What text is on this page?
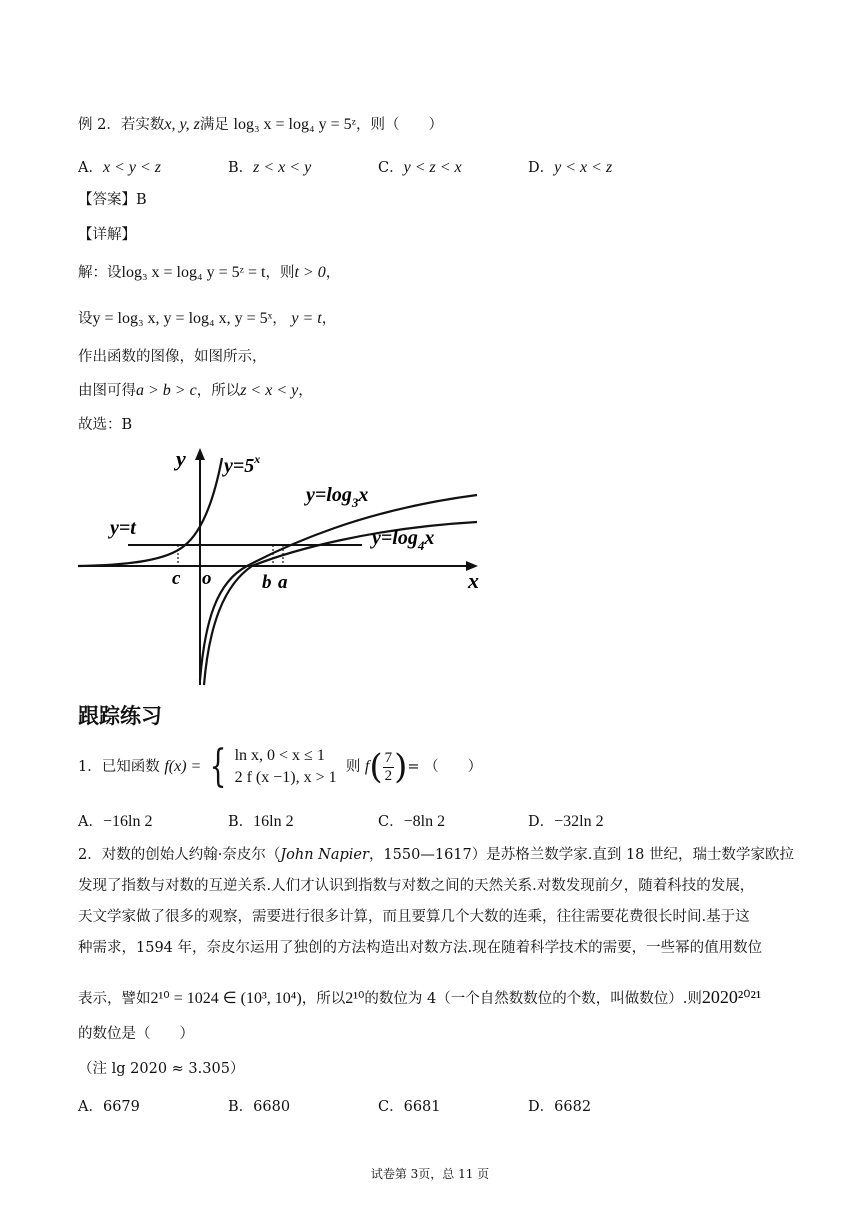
例 2．若实数x, y, z满足 log₃ x = log₄ y = 5ᶻ，则（　　）
A．x < y < z	B．z < x < y	C．y < z < x	D．y < x < z
【答案】B
【详解】
解：设log₃ x = log₄ y = 5ᶻ = t，则t > 0，
设y = log₃ x, y = log₄ x, y = 5ˣ， y = t，
作出函数的图像，如图所示，
由图可得a > b > c，所以z < x < y，
故选：B
y
x
o
c	b a
y=t
$y=5^x$
$y=\log_3x$
$y=\log_4x$
跟踪练习
1．已知函数 f(x) = { ln x, 0 < x ≤ 1
2 f (x −1), x > 1
则 $f( \frac{7}{2}$ )= （　　）
A．−16ln 2	B．16ln 2	C．−8ln 2	D．−32ln 2
2．对数的创始人约翰·奈皮尔（John Napier，1550—1617）是苏格兰数学家.直到 18 世纪，瑞士数学家欧拉
发现了指数与对数的互逆关系.人们才认识到指数与对数之间的天然关系.对数发现前夕，随着科技的发展，
天文学家做了很多的观察，需要进行很多计算，而且要算几个大数的连乘，往往需要花费很长时间.基于这
种需求，1594 年，奈皮尔运用了独创的方法构造出对数方法.现在随着科学技术的需要，一些幂的值用数位
表示，譬如2¹⁰ = 1024 ∈ (10³, 10⁴)，所以2¹⁰的数位为 4（一个自然数数位的个数，叫做数位）.则2020²⁰²¹
的数位是（　　）
（注 lg 2020 ≈ 3.305）
A．6679	B．6680	C．6681	D．6682
试卷第 3页，总 11 页
